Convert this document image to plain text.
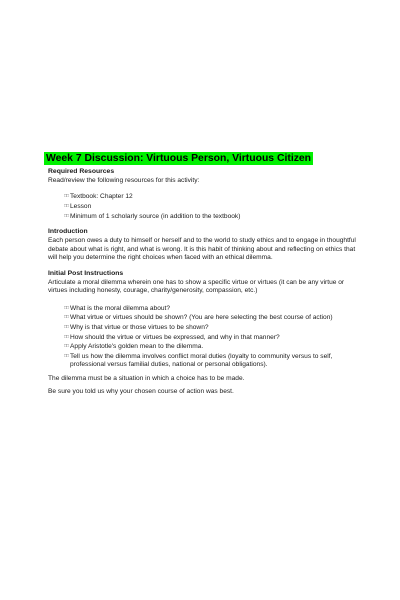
Week 7 Discussion: Virtuous Person, Virtuous Citizen
Required Resources

Read/review the following resources for this activity:

□□ Textbook: Chapter 12
□□ Lesson
□□ Minimum of 1 scholarly source (in addition to the textbook)
Introduction

Each person owes a duty to himself or herself and to the world to study ethics and to engage in thoughtful debate about what is right, and what is wrong. It is this habit of thinking about and reflecting on ethics that will help you determine the right choices when faced with an ethical dilemma.

Initial Post Instructions

Articulate a moral dilemma wherein one has to show a specific virtue or virtues (it can be any virtue or virtues including honesty, courage, charity/generosity, compassion, etc.)

□□ What is the moral dilemma about?
□□ What virtue or virtues should be shown? (You are here selecting the best course of action)
□□ Why is that virtue or those virtues to be shown?
□□ How should the virtue or virtues be expressed, and why in that manner?
□□ Apply Aristotle's golden mean to the dilemma.
□□ Tell us how the dilemma involves conflict moral duties (loyalty to community versus to self, professional versus familial duties, national or personal obligations).

The dilemma must be a situation in which a choice has to be made.

Be sure you told us why your chosen course of action was best.
